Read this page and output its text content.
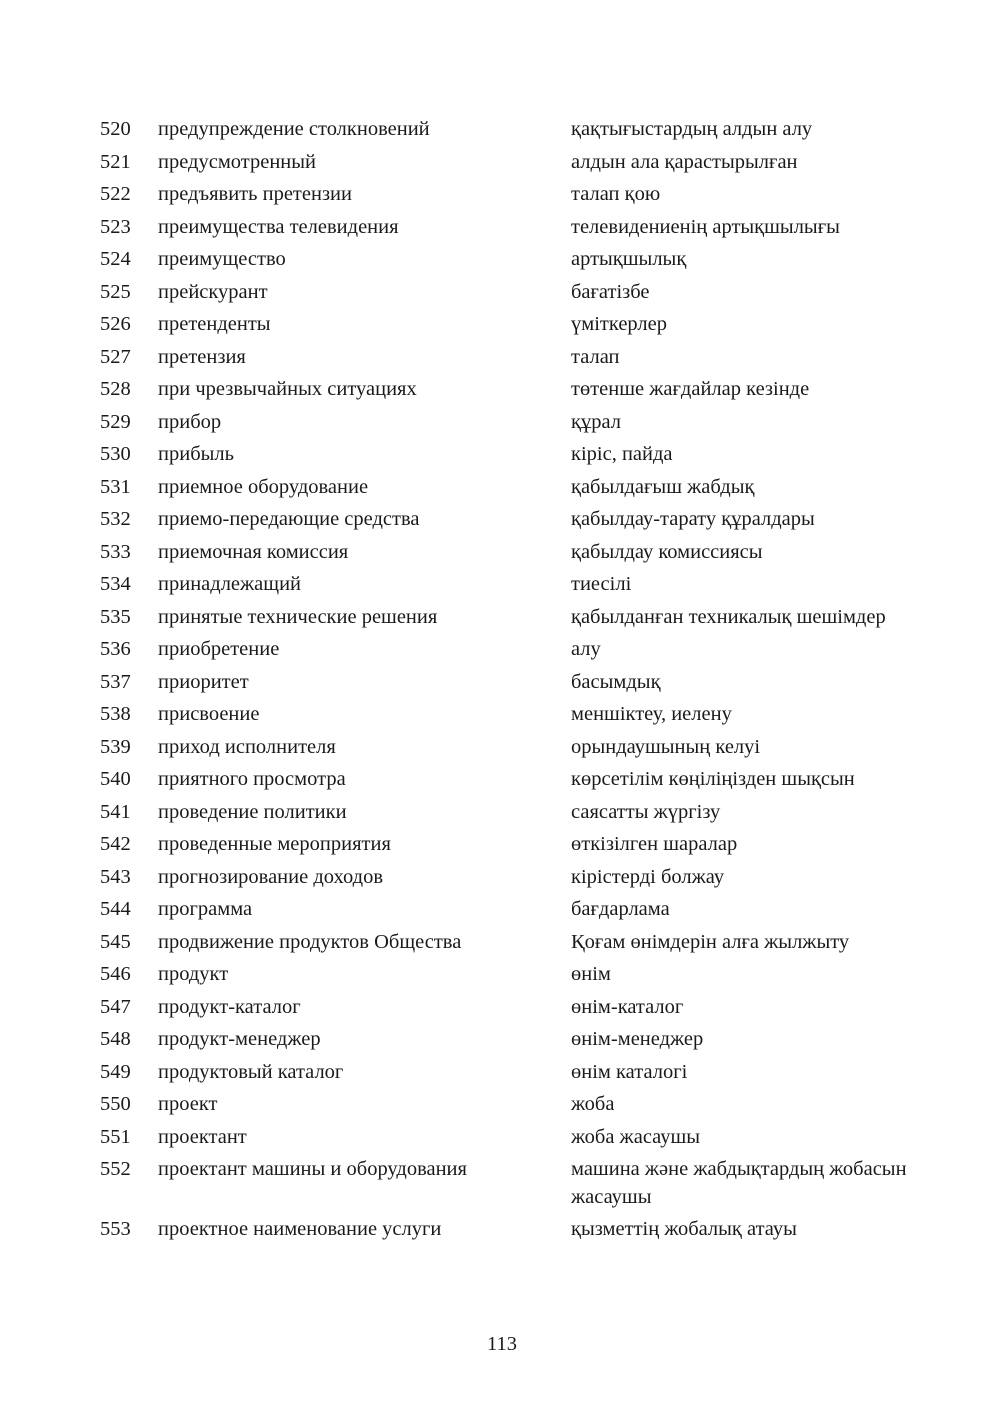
520	предупреждение столкновений	қақтығыстардың алдын алу
521	предусмотренный	алдын ала қарастырылған
522	предъявить претензии	талап қою
523	преимущества телевидения	телевидениенің артықшылығы
524	преимущество	артықшылық
525	прейскурант	бағатізбе
526	претенденты	үміткерлер
527	претензия	талап
528	при чрезвычайных ситуациях	төтенше жағдайлар кезінде
529	прибор	құрал
530	прибыль	кіріс, пайда
531	приемное оборудование	қабылдағыш жабдық
532	приемо-передающие средства	қабылдау-тарату құралдары
533	приемочная комиссия	қабылдау комиссиясы
534	принадлежащий	тиесілі
535	принятые технические решения	қабылданған техникалық шешімдер
536	приобретение	алу
537	приоритет	басымдық
538	присвоение	меншіктеу, иелену
539	приход исполнителя	орындаушының келуі
540	приятного просмотра	көрсетілім көңіліңізден шықсын
541	проведение политики	саясатты жүргізу
542	проведенные мероприятия	өткізілген шаралар
543	прогнозирование доходов	кірістерді болжау
544	программа	бағдарлама
545	продвижение продуктов Общества	Қоғам өнімдерін алға жылжыту
546	продукт	өнім
547	продукт-каталог	өнім-каталог
548	продукт-менеджер	өнім-менеджер
549	продуктовый каталог	өнім каталогі
550	проект	жоба
551	проектант	жоба жасаушы
552	проектант машины и оборудования	машина және жабдықтардың жобасын жасаушы
553	проектное наименование услуги	қызметтің жобалық атауы
113
